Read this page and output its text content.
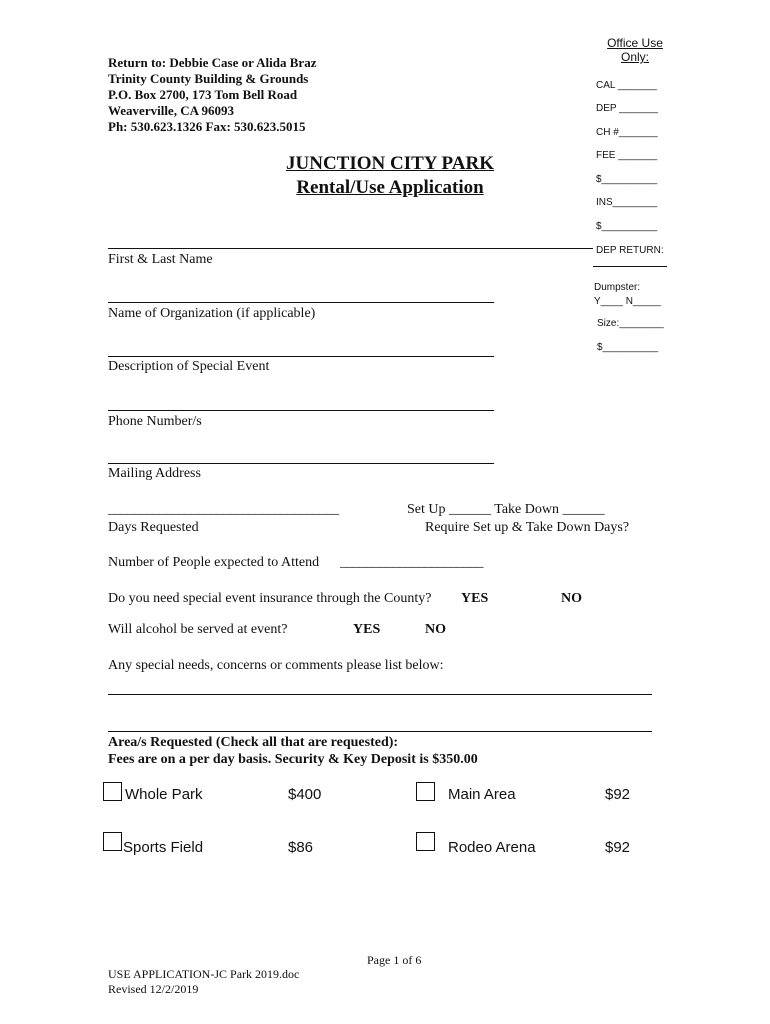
Return to: Debbie Case or Alida Braz
Trinity County Building & Grounds
P.O. Box 2700, 173 Tom Bell Road
Weaverville, CA 96093
Ph: 530.623.1326 Fax: 530.623.5015
JUNCTION CITY PARK
Rental/Use Application
Office Use
Only:
CAL _______
DEP _______
CH #_______
FEE _______
$__________
INS________
$__________
DEP RETURN:
Dumpster:
Y____ N_____
Size:________
$__________
First & Last Name
Name of Organization (if applicable)
Description of Special Event
Phone Number/s
Mailing Address
____________________________________	Set Up ______ Take Down ______
Days Requested	Require Set up & Take Down Days?
Number of People expected to Attend ______________________
Do you need special event insurance through the County? YES	NO
Will alcohol be served at event?	YES	NO
Any special needs, concerns or comments please list below:
Area/s Requested (Check all that are requested):
Fees are on a per day basis. Security & Key Deposit is $350.00
Whole Park	$400	Main Area	$92
Sports Field	$86	Rodeo Arena	$92
Page 1 of 6
USE APPLICATION-JC Park 2019.doc
Revised 12/2/2019
